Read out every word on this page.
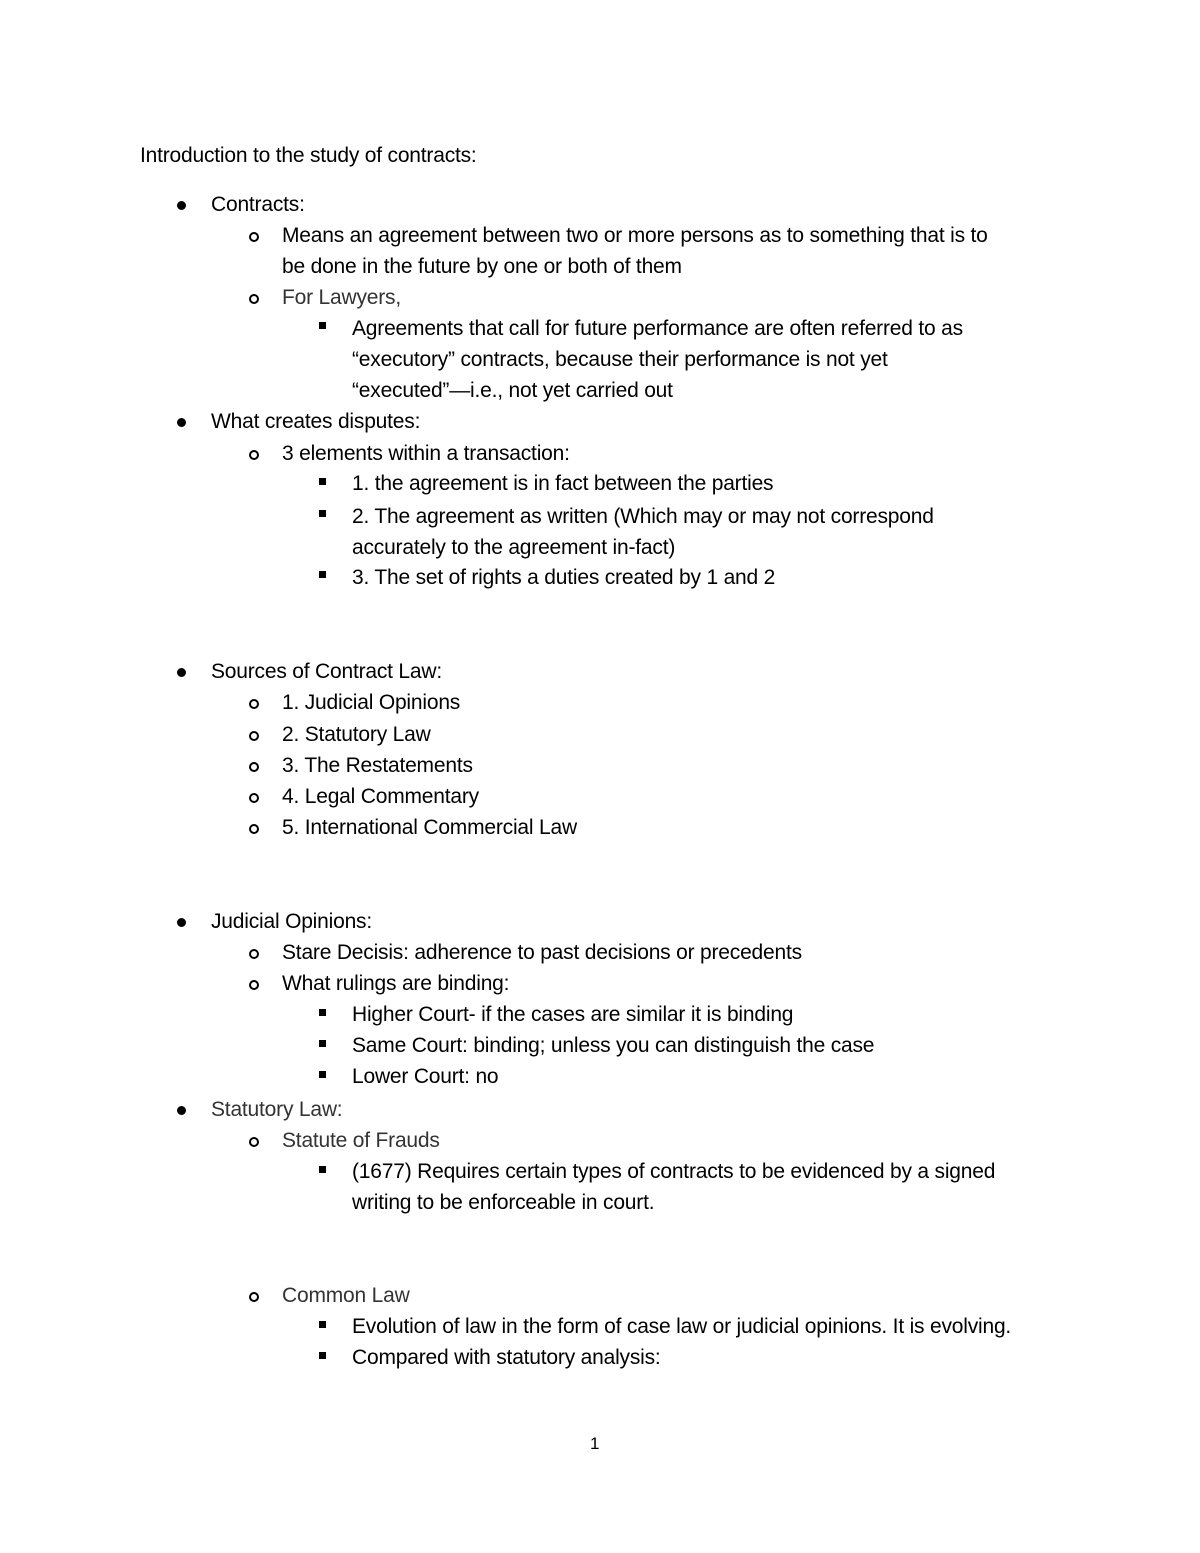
Introduction to the study of contracts:
Contracts:
Means an agreement between two or more persons as to something that is to
be done in the future by one or both of them
For Lawyers,
Agreements that call for future performance are often referred to as
“executory” contracts, because their performance is not yet
“executed”—i.e., not yet carried out
What creates disputes:
3 elements within a transaction:
1. the agreement is in fact between the parties
2. The agreement as written (Which may or may not correspond
accurately to the agreement in-fact)
3. The set of rights a duties created by 1 and 2
Sources of Contract Law:
1. Judicial Opinions
2. Statutory Law
3. The Restatements
4. Legal Commentary
5. International Commercial Law
Judicial Opinions:
Stare Decisis: adherence to past decisions or precedents
What rulings are binding:
Higher Court- if the cases are similar it is binding
Same Court: binding; unless you can distinguish the case
Lower Court: no
Statutory Law:
Statute of Frauds
(1677) Requires certain types of contracts to be evidenced by a signed
writing to be enforceable in court.
Common Law
Evolution of law in the form of case law or judicial opinions. It is evolving.
Compared with statutory analysis:
1
